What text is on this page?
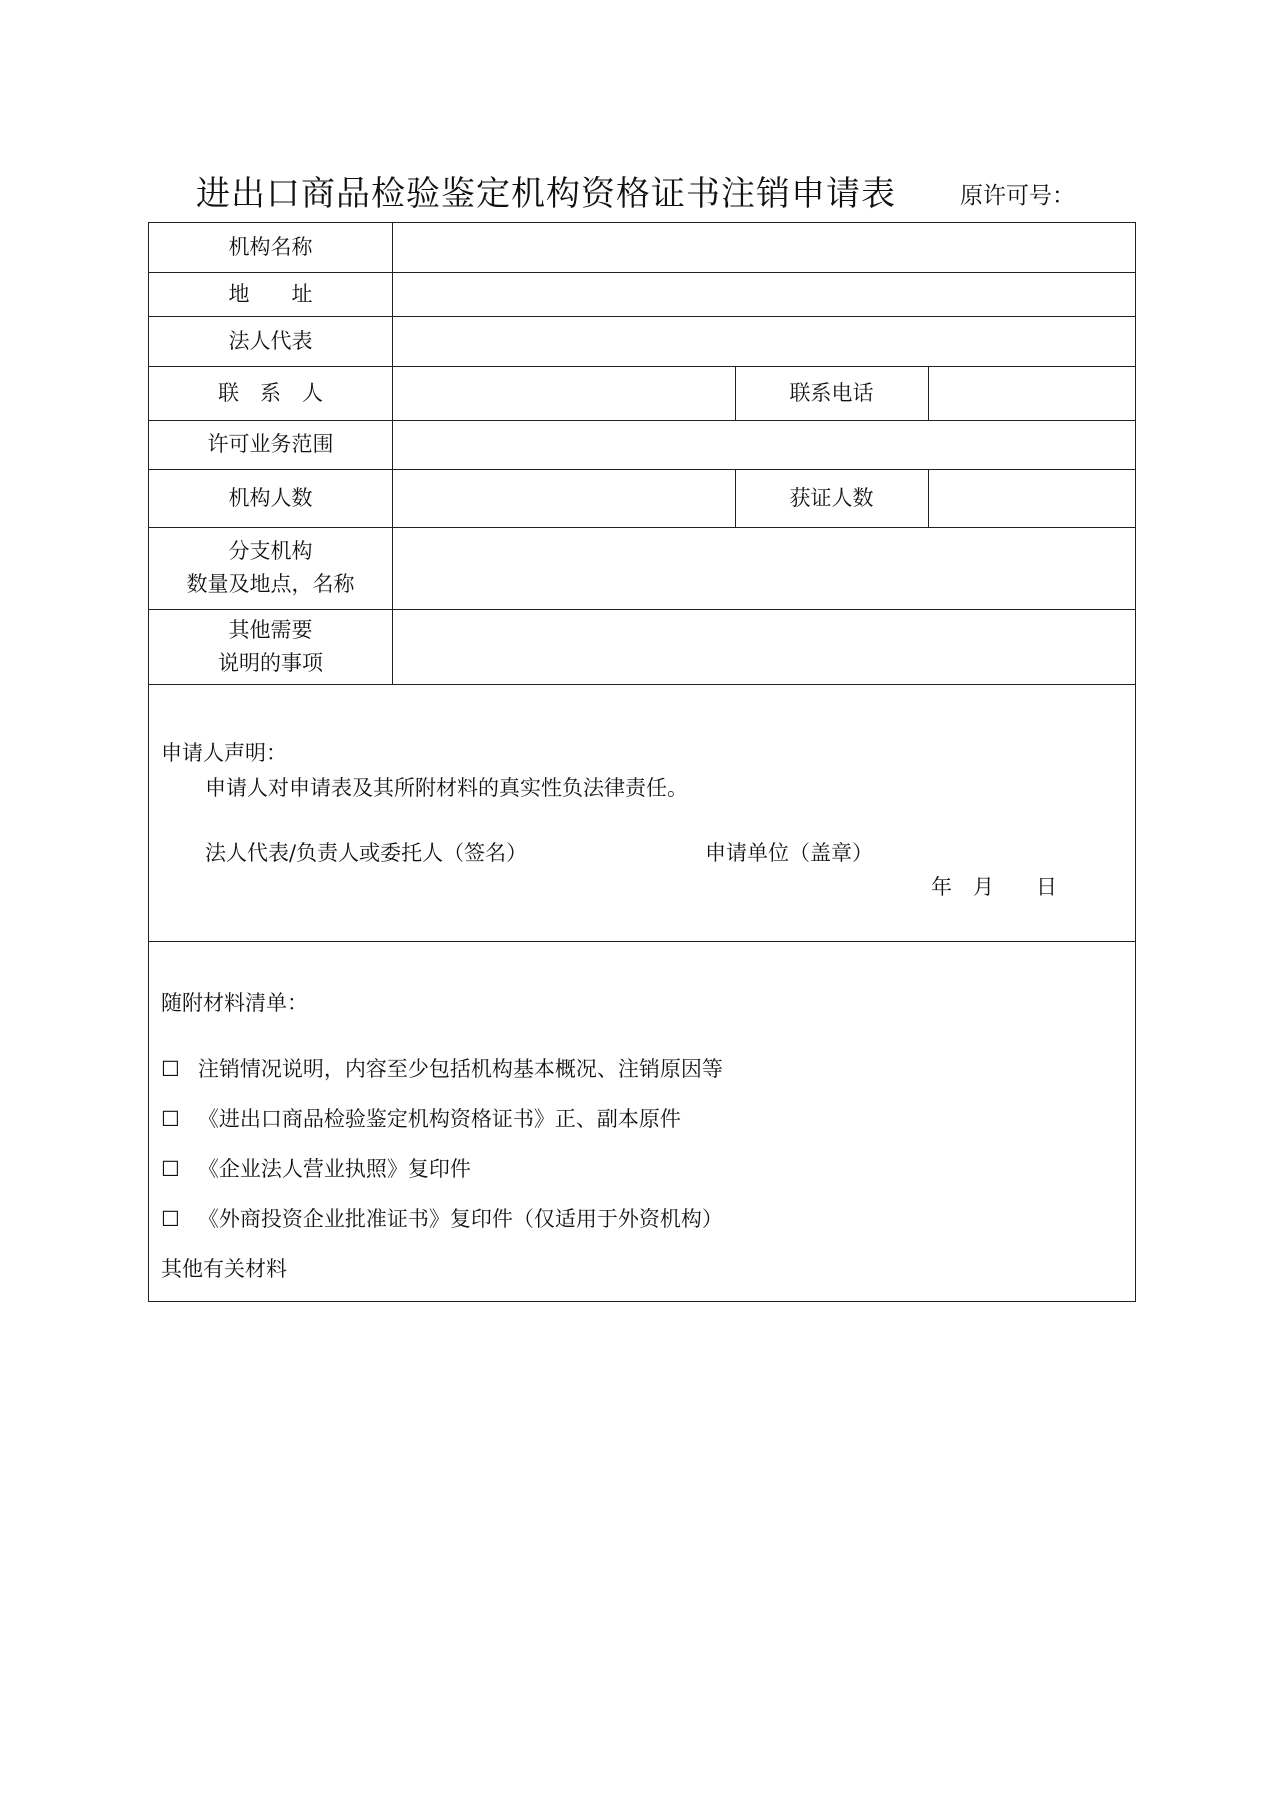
进出口商品检验鉴定机构资格证书注销申请表	原许可号：
机构名称
地　　址
法人代表
联　系　人	联系电话
许可业务范围
机构人数	获证人数
分支机构
数量及地点，名称
其他需要
说明的事项
申请人声明：
申请人对申请表及其所附材料的真实性负法律责任。
法人代表/负责人或委托人（签名）	申请单位（盖章）
年　月　　日
随附材料清单：
☐ 注销情况说明，内容至少包括机构基本概况、注销原因等
☐ 《进出口商品检验鉴定机构资格证书》正、副本原件
☐ 《企业法人营业执照》复印件
☐ 《外商投资企业批准证书》复印件（仅适用于外资机构）
其他有关材料
